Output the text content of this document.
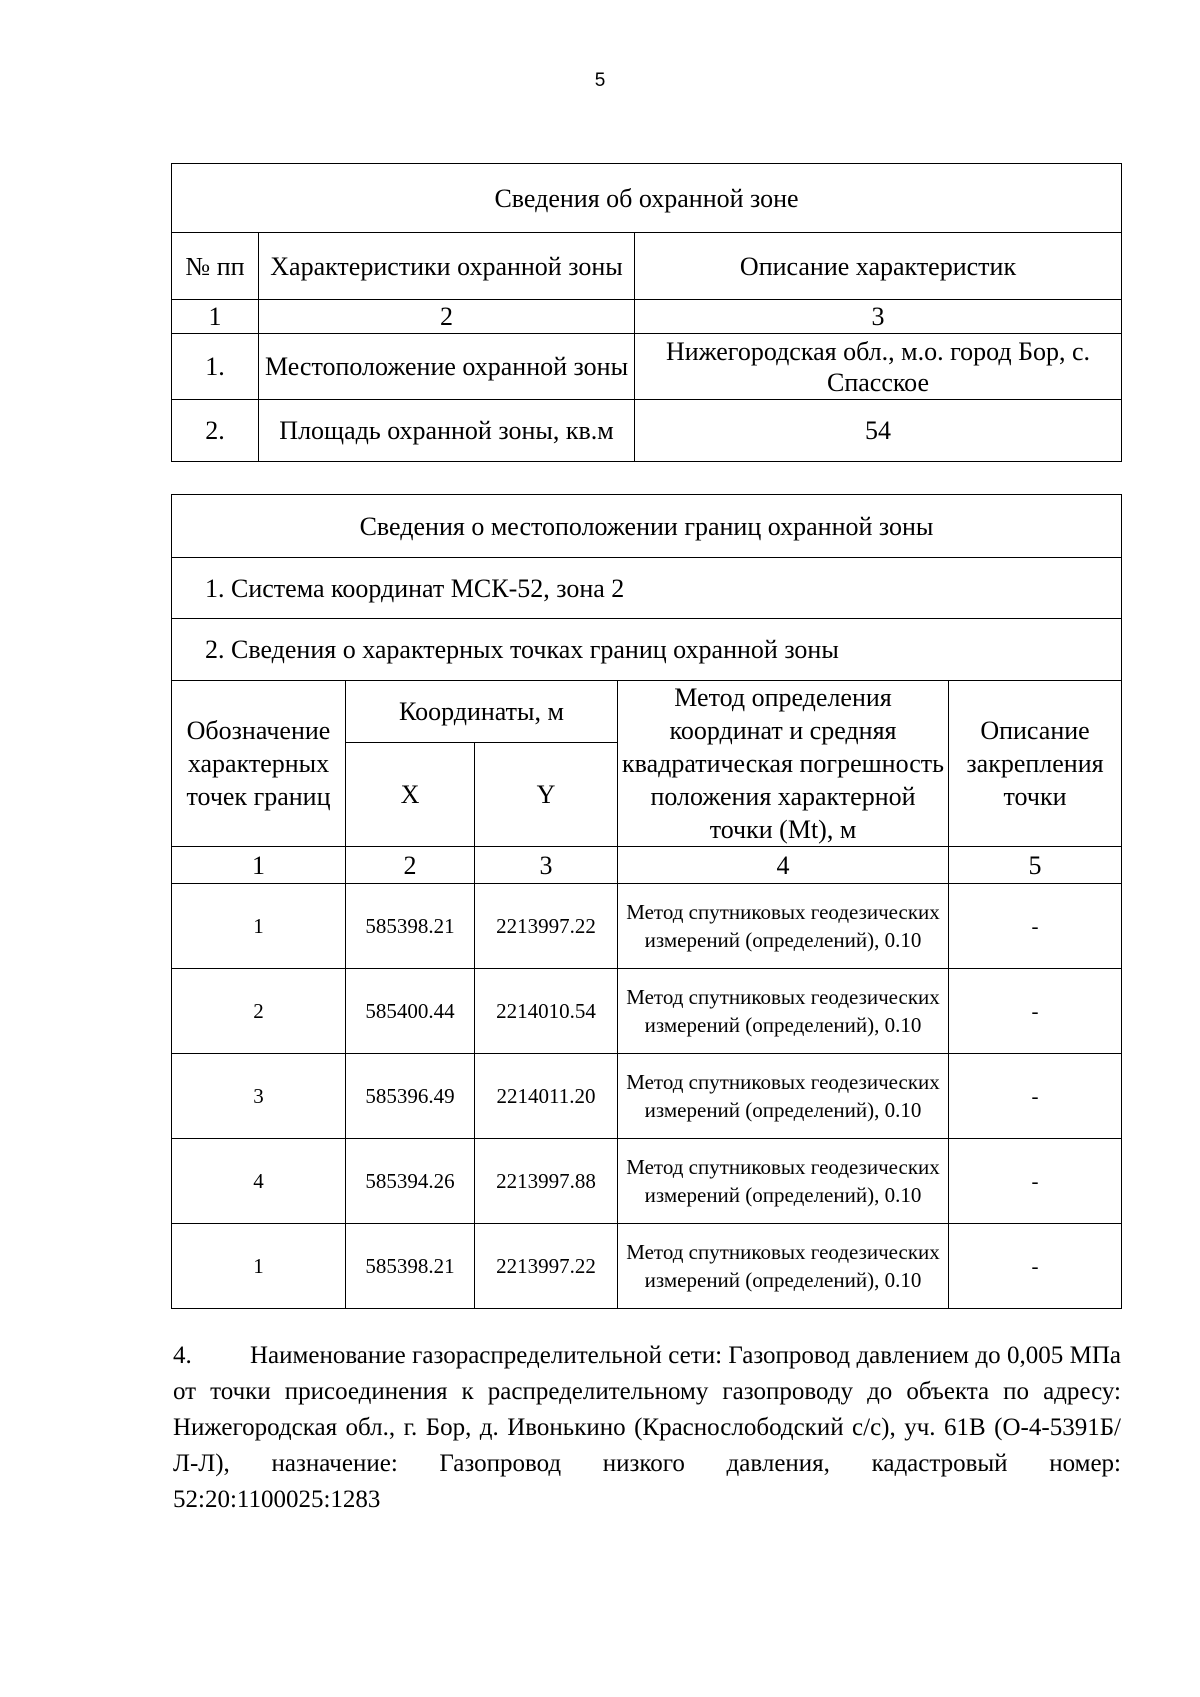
5
Сведения об охранной зоне		
№ пп	Характеристики охранной зоны	Описание характеристик
1	2	3
1.	Местоположение охранной зоны	Нижегородская обл., м.о. город Бор, с. Спасское
2.	Площадь охранной зоны, кв.м	54
Сведения о местоположении границ охранной зоны				
1. Система координат МСК-52, зона 2				
2. Сведения о характерных точках границ охранной зоны				
Обозначение характерных точек границ	Координаты, м		Метод определения координат и средняя квадратическая погрешность положения характерной точки (Mt), м	Описание закрепления точки
	X	Y		
1	2	3	4	5
1	585398.21	2213997.22	Метод спутниковых геодезических измерений (определений), 0.10	-
2	585400.44	2214010.54	Метод спутниковых геодезических измерений (определений), 0.10	-
3	585396.49	2214011.20	Метод спутниковых геодезических измерений (определений), 0.10	-
4	585394.26	2213997.88	Метод спутниковых геодезических измерений (определений), 0.10	-
1	585398.21	2213997.22	Метод спутниковых геодезических измерений (определений), 0.10	-
4. Наименование газораспределительной сети: Газопровод давлением до 0,005 МПа от точки присоединения к распределительному газопроводу до объекта по адресу: Нижегородская обл., г. Бор, д. Ивонькино (Краснослободский с/с), уч. 61В (О-4-5391Б/Л-Л), назначение: Газопровод низкого давления, кадастровый номер: 52:20:1100025:1283
